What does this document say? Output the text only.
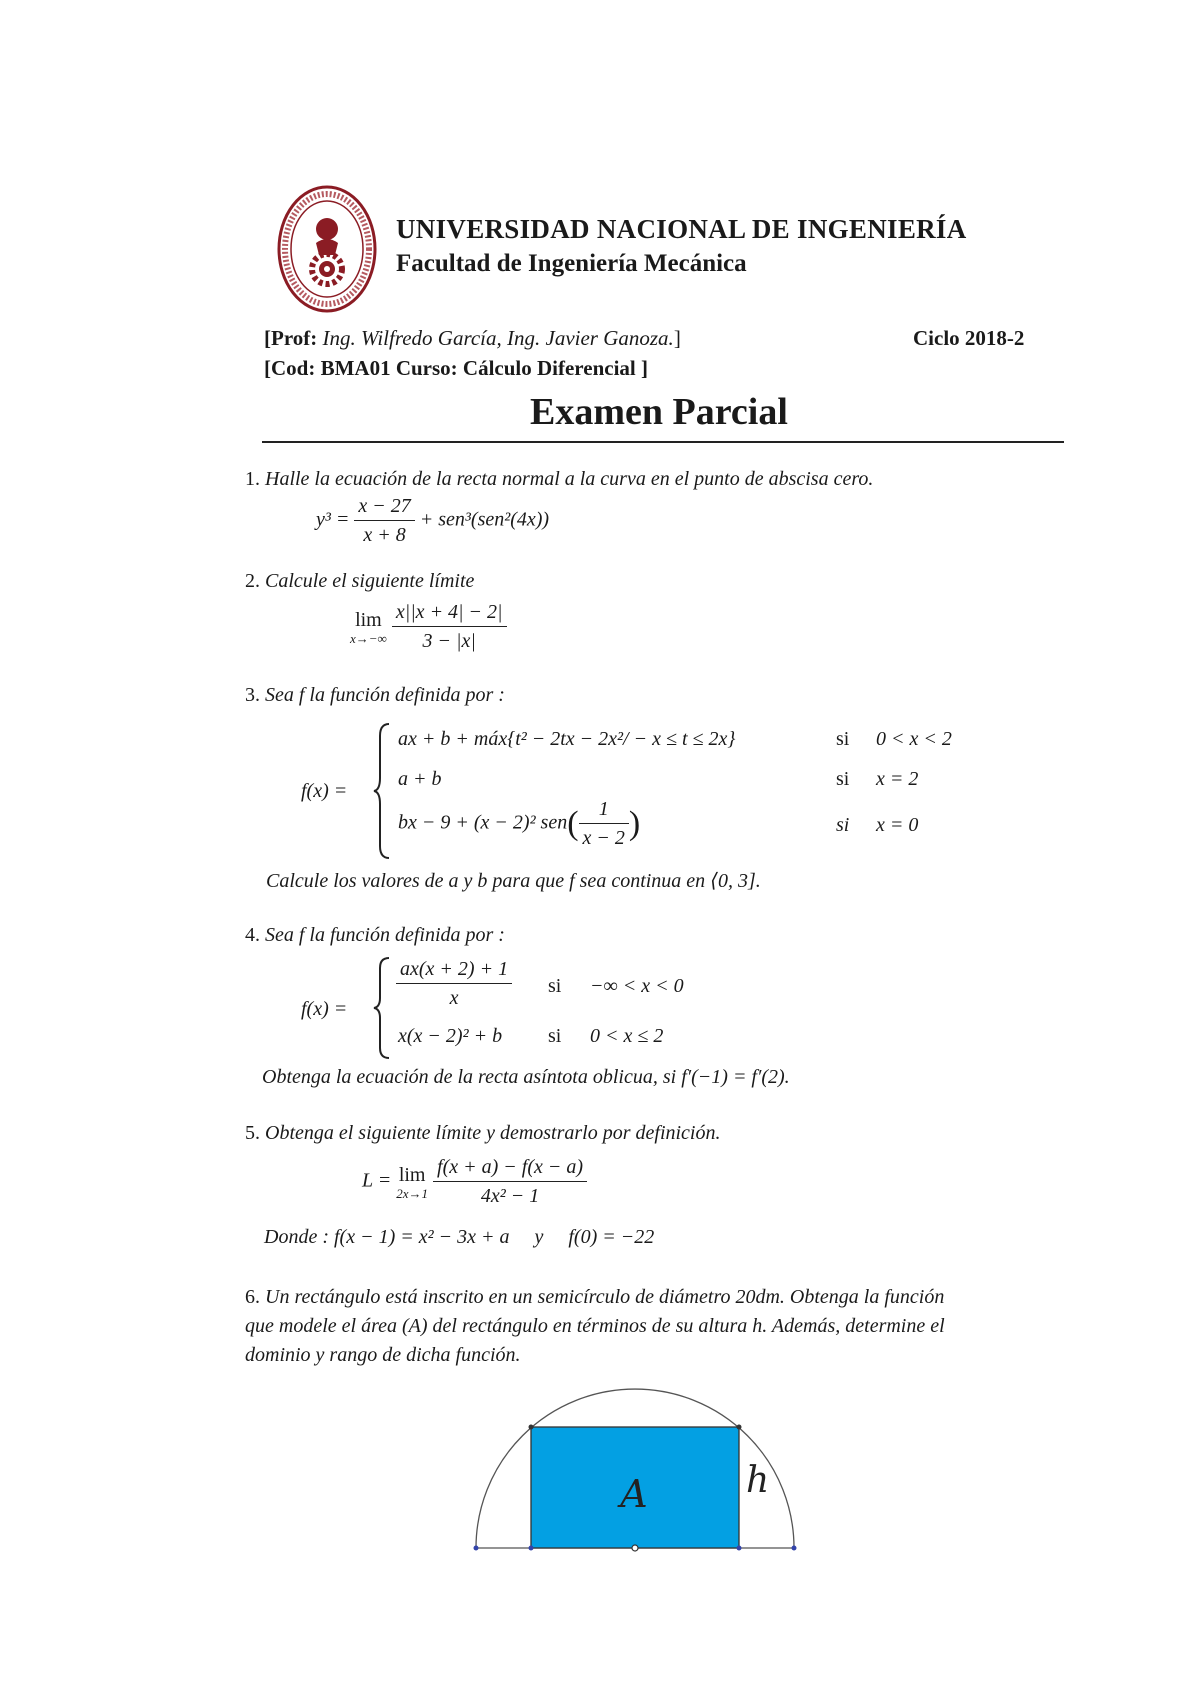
UNIVERSIDAD NACIONAL DE INGENIERÍA
Facultad de Ingeniería Mecánica
[Prof: Ing. Wilfredo García, Ing. Javier Ganoza.]	Ciclo 2018-2
[Cod: BMA01 Curso: Cálculo Diferencial ]
Examen Parcial
1. Halle la ecuación de la recta normal a la curva en el punto de abscisa cero.
$y^3 = \frac{x - 27}{x + 8} + sen^3(sen^2(4x))$
2. Calcule el siguiente límite
lim
x→−∞
$\frac{x||x + 4| - 2|}{3 - |x|}$
3. Sea f la función definida por :
f(x) =
ax + b + máx{t² − 2tx − 2x²/ − x ≤ t ≤ 2x}	si 0 < x < 2
a + b	si x = 2
bx − 9 + (x − 2)² $sen( \frac{1}{x - 2}$ )	si x = 0
Calcule los valores de a y b para que f sea continua en ⟨0, 3].
4. Sea f la función definida por :
$f(x) = \frac{ax(x + 2) + 1}{x}$ si −∞ < x < 0
x(x − 2)² + b si 0 < x ≤ 2
Obtenga la ecuación de la recta asíntota oblicua, si f′(−1) = f′(2).
5. Obtenga el siguiente límite y demostrarlo por definición.
L = lim
2x→1
$\frac{f(x + a) - f(x - a)}{\text{4x² − 1}}$
Donde : f(x − 1) = x² − 3x + a     y     f(0) = −22
6. Un rectángulo está inscrito en un semicírculo de diámetro 20dm. Obtenga la función
que modele el área (A) del rectángulo en términos de su altura h. Además, determine el
dominio y rango de dicha función.
A	h
